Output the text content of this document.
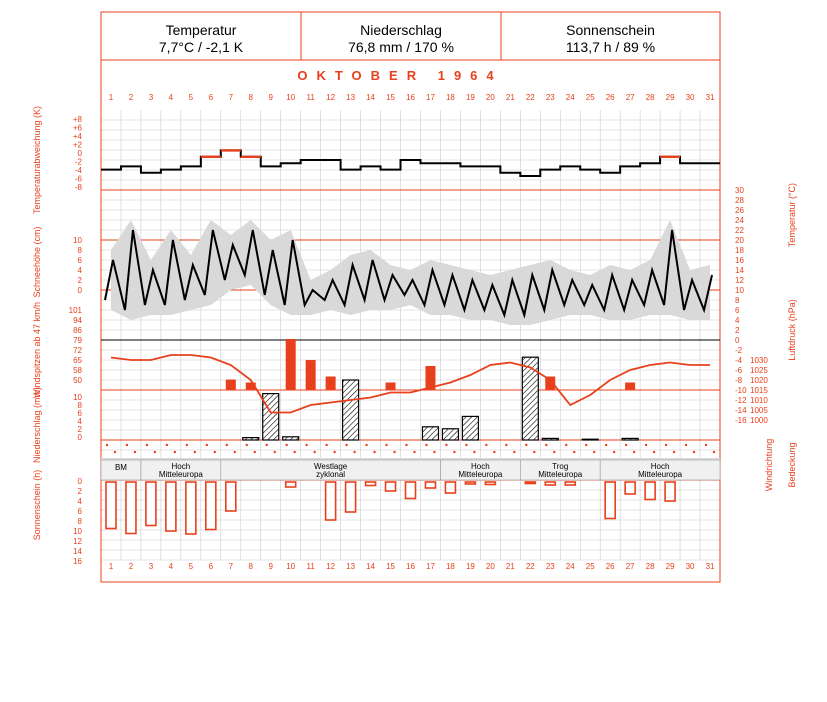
OKTOBER 1964
1
1
2
2
3
3
4
4
5
5
6
6
7
7
8
8
9
9
10
10
11
11
12
12
13
13
14
14
15
15
16
16
17
17
18
18
19
19
20
20
21
21
22
22
23
23
24
24
25
25
26
26
27
27
28
28
29
29
30
30
31
31
+8
+6
+4
+2
0
-2
-4
-6
-8
10
8
6
4
2
0
101
94
86
79
72
65
58
50
10
8
6
4
2
0
0
2
4
6
8
10
12
14
16
30
28
26
24
22
20
18
16
14
12
10
8
6
4
2
0
-2
-4
-6
-8
-10
-12
-14
-16
1030
1025
1020
1015
1010
1005
1000
Temperaturabweichung (K)
Schneehöhe (cm)
Windspitzen ab 47 km/h
Niederschlag (mm)
Sonnenschein (h)
Temperatur (°C)
Luftdruck (hPa)
Windrichtung Bedeckung
BM	Hoch
Mitteleuropa
Westlage
zyklonal
Hoch
Mitteleuropa
Trog
Mitteleuropa
Hoch
Mitteleuropa
Temperatur
7,7°C / -2,1 K
Niederschlag
76,8 mm / 170 %
Sonnenschein
113,7 h / 89 %
